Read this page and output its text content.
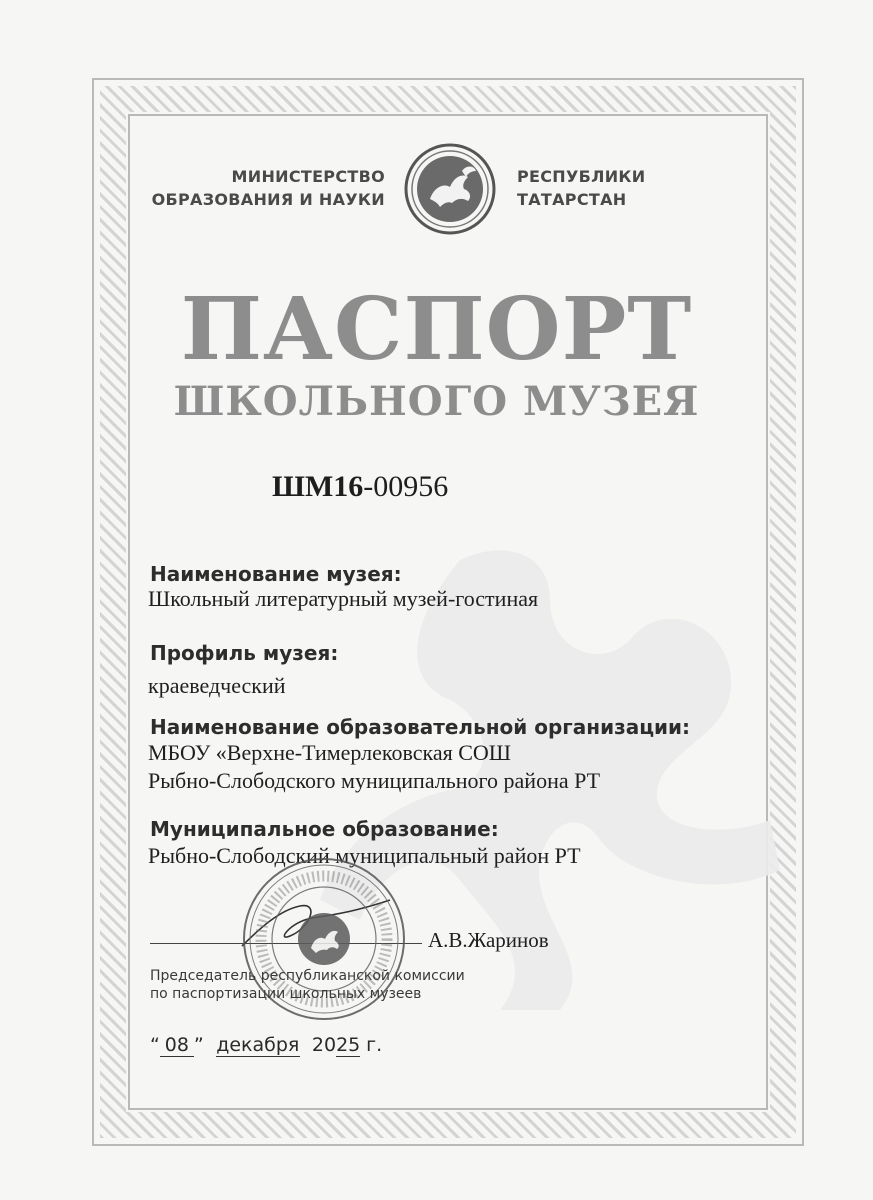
МИНИСТЕРСТВО
ОБРАЗОВАНИЯ И НАУКИ
РЕСПУБЛИКИ
ТАТАРСТАН
ПАСПОРТ
ШКОЛЬНОГО МУЗЕЯ
ШМ16-00956
Наименование музея:
Школьный литературный музей-гостиная
Профиль музея:
краеведческий
Наименование образовательной организации:
МБОУ «Верхне-Тимерлековская СОШ
Рыбно-Слободского муниципального района РТ
Муниципальное образование:
Рыбно-Слободский муниципальный район РТ
А.В.Жаринов
Председатель республиканской комиссии
по паспортизации школьных музеев
“ 08 ”  декабря 2025 г.
